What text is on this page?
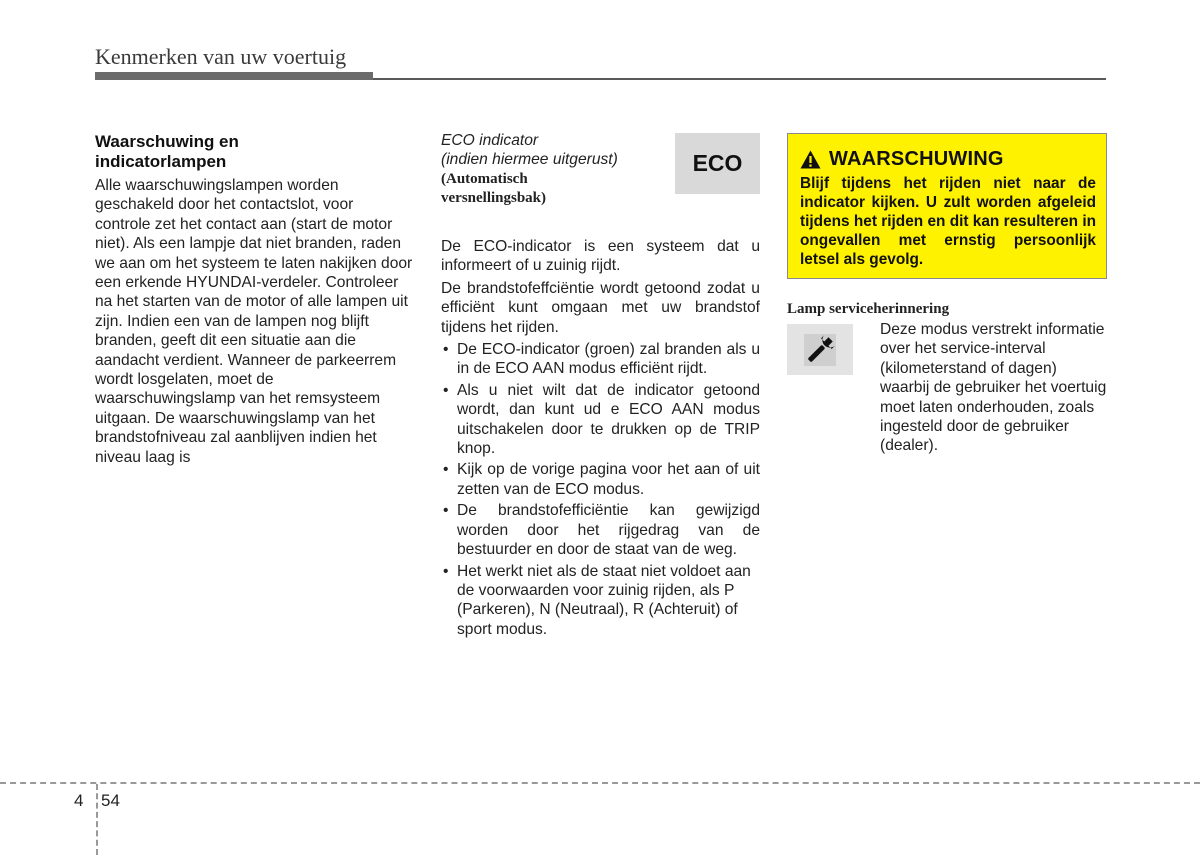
Kenmerken van uw voertuig
Waarschuwing en
indicatorlampen

Alle waarschuwingslampen worden geschakeld door het contactslot, voor controle zet het contact aan (start de motor niet). Als een lampje dat niet branden, raden we aan om het systeem te laten nakijken door een erkende HYUNDAI-verdeler. Controleer na het starten van de motor of alle lampen uit zijn. Indien een van de lampen nog blijft branden, geeft dit een situatie aan die aandacht verdient. Wanneer de parkeerrem wordt losgelaten, moet de waarschuwingslamp van het remsysteem uitgaan. De waarschuwingslamp van het brandstofniveau zal aanblijven indien het niveau laag is

ECO indicator
(indien hiermee uitgerust)
(Automatisch
versnellingsbak)
ECO

De ECO-indicator is een systeem dat u informeert of u zuinig rijdt.

De brandstofeffciëntie wordt getoond zodat u efficiënt kunt omgaan met uw brandstof tijdens het rijden.

• De ECO-indicator (groen) zal branden als u in de ECO AAN modus efficiënt rijdt.
• Als u niet wilt dat de indicator getoond wordt, dan kunt ud e ECO AAN modus uitschakelen door te drukken op de TRIP knop.
• Kijk op de vorige pagina voor het aan of uit zetten van de ECO modus.
• De brandstofefficiëntie kan gewijzigd worden door het rijgedrag van de bestuurder en door de staat van de weg.
• Het werkt niet als de staat niet voldoet aan de voorwaarden voor zuinig rijden, als P (Parkeren), N (Neutraal), R (Achteruit) of sport modus.
WAARSCHUWING

Blijf tijdens het rijden niet naar de indicator kijken. U zult worden afgeleid tijdens het rijden en dit kan resulteren in ongevallen met ernstig persoonlijk letsel als gevolg.

Lamp serviceherinnering

Deze modus verstrekt informatie over het service-interval (kilometerstand of dagen) waarbij de gebruiker het voertuig moet laten onderhouden, zoals ingesteld door de gebruiker (dealer).

4 54
